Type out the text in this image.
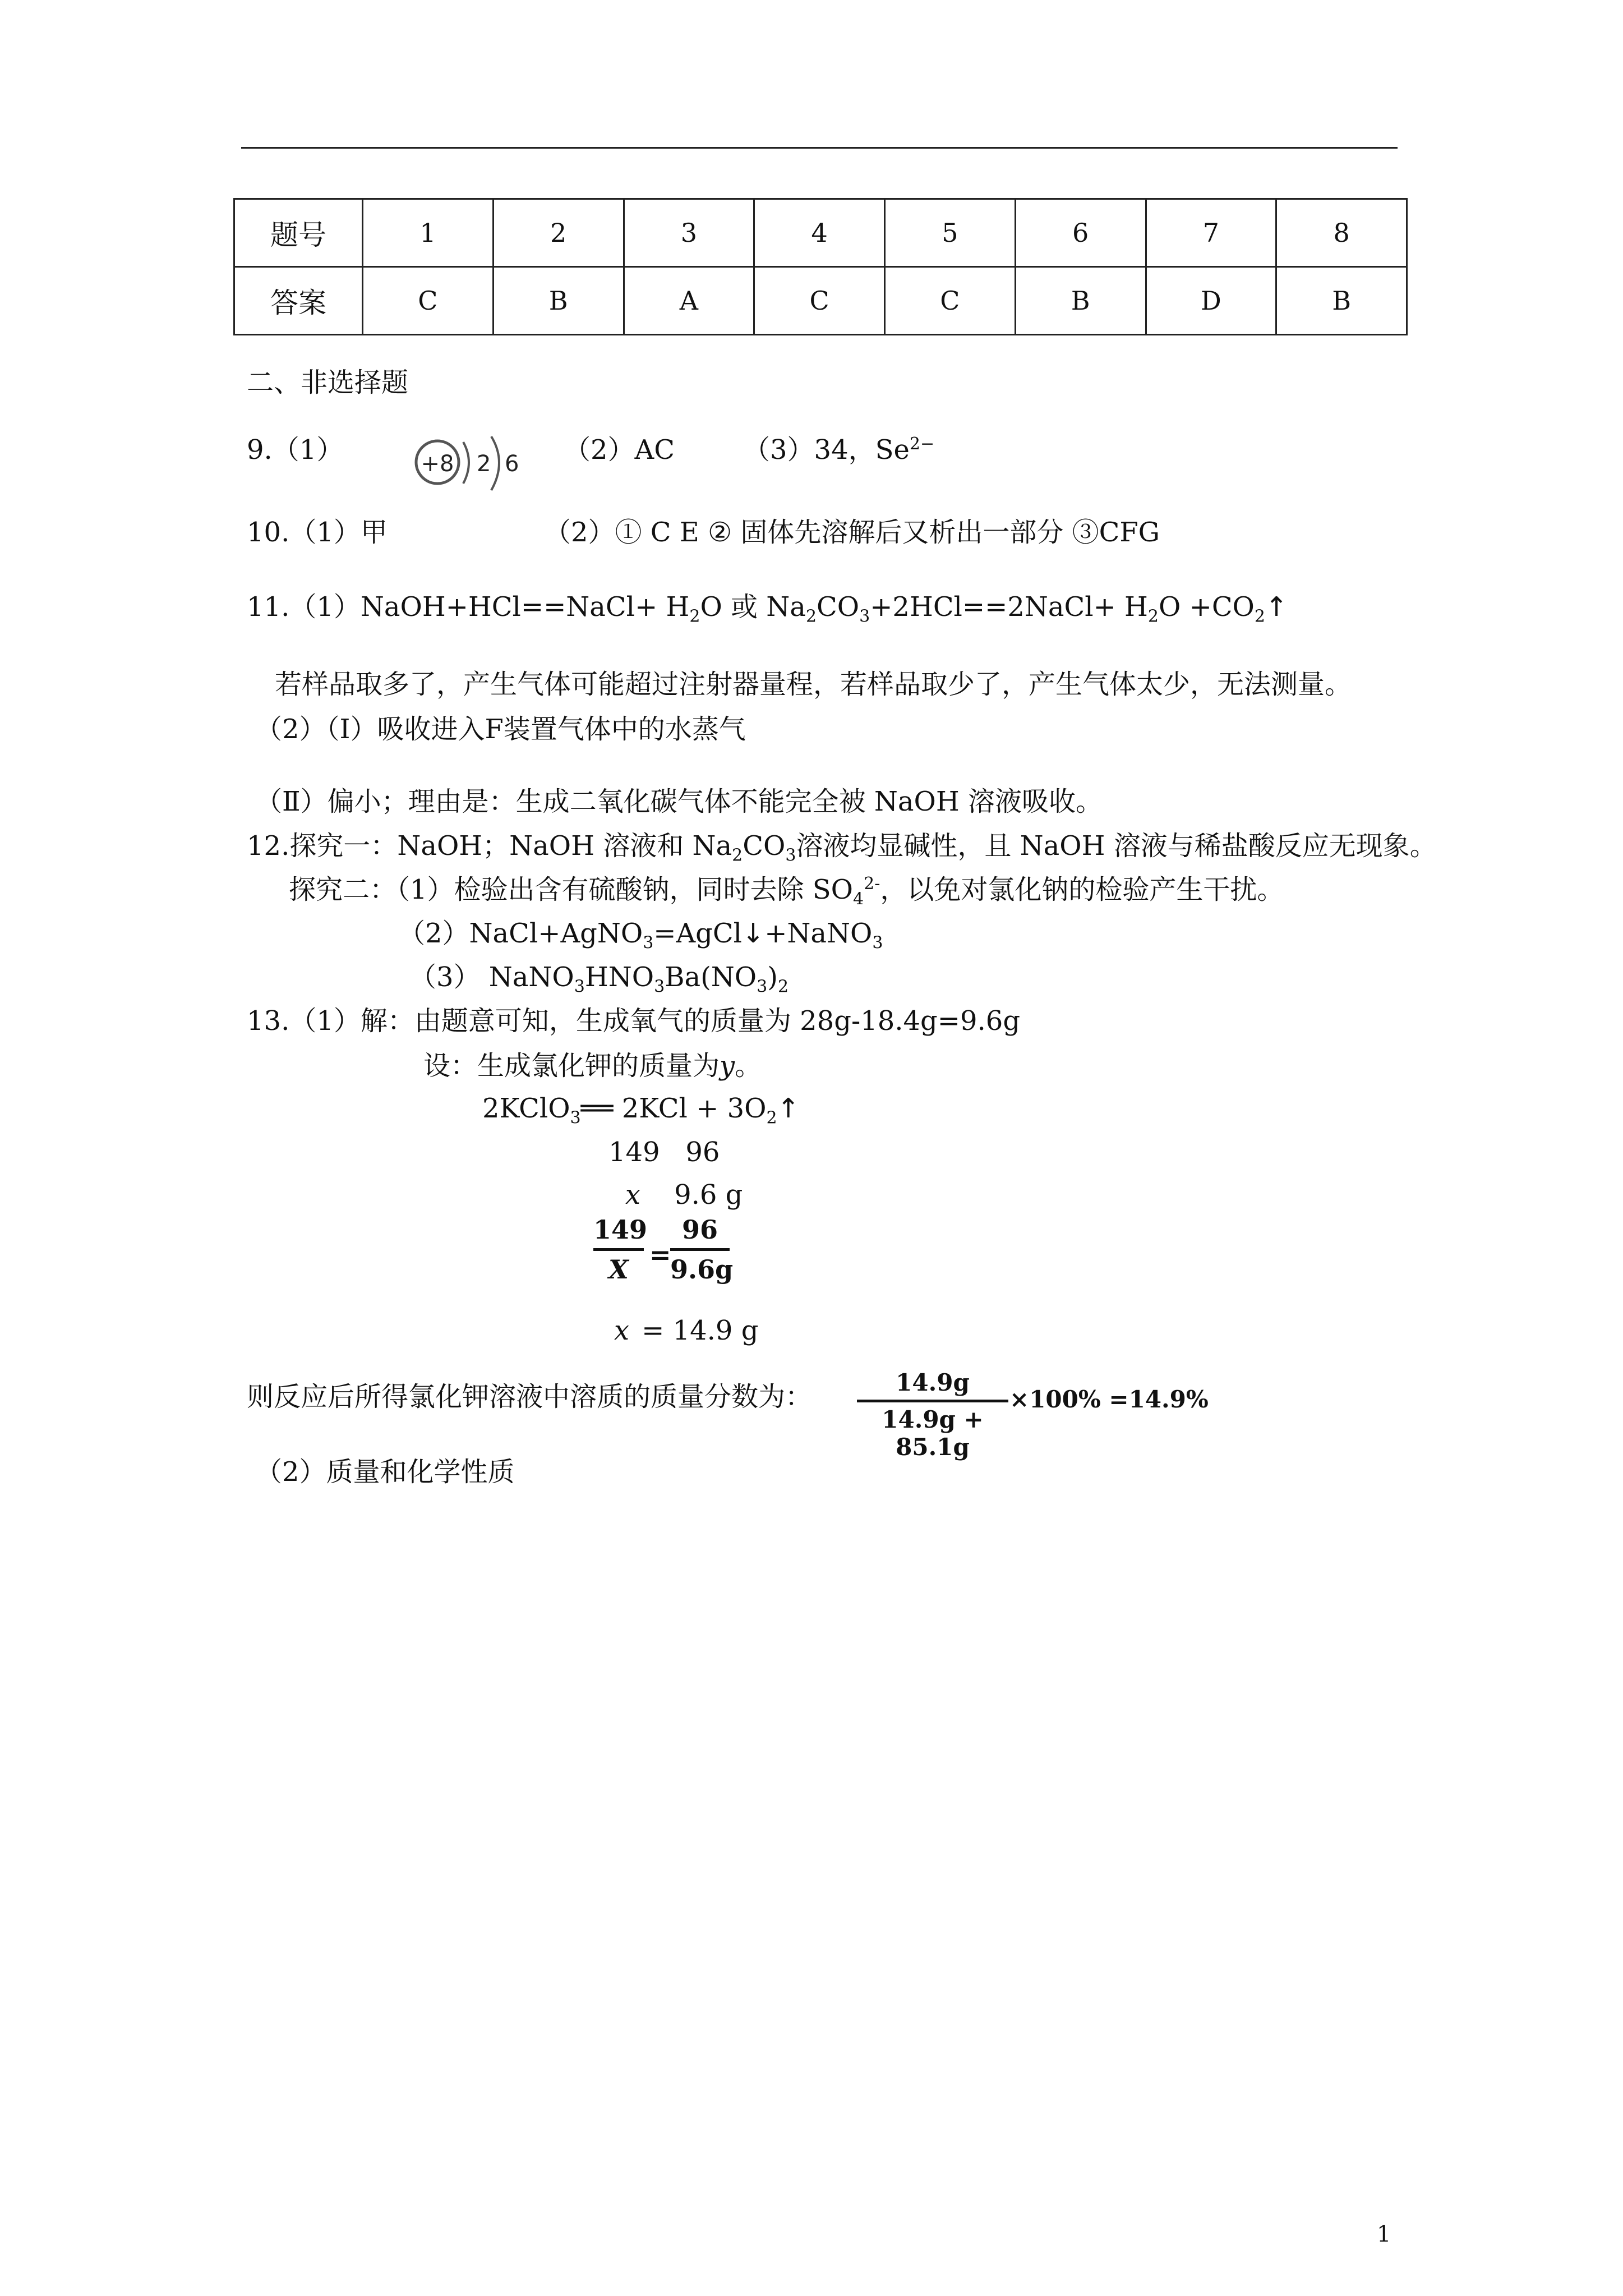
题号	1	2	3	4	5	6	7	8
答案	C	B	A	C	C	B	D	B
二、非选择题
9.（1）	+8 2 6 （2）AC	（3）34，$Se^{2-}$
10.（1）甲	（2）① C E ② 固体先溶解后又析出一部分 ③CFG
11.（1）NaOH+HCl==NaCl+ $H_2O$ 或 $Na_2CO_3+2HCl==2NaCl+ H_2O$ $+CO_2↑$
若样品取多了，产生气体可能超过注射器量程，若样品取少了，产生气体太少，无法测量。
（2）（Ⅰ）吸收进入F装置气体中的水蒸气
（Ⅱ）偏小；理由是：生成二氧化碳气体不能完全被 NaOH 溶液吸收。
12.探究一：NaOH；NaOH 溶液和 $Na_2CO_3$溶液均显碱性，且 NaOH 溶液与稀盐酸反应无现象。
探究二：（1）检验出含有硫酸钠，同时去除 $SO_4^{2-}$，以免对氯化钠的检验产生干扰。
（2）NaCl+AgNO$_3$=AgCl↓+NaNO$_3$
（3） $NaNO_3HNO_3Ba(NO_3)_2$
13.（1）解：由题意可知，生成氧气的质量为 28g-18.4g=9.6g
设：生成氯化钾的质量为y。
2KClO$_3$══ $2KCl + 3O_2↑$
149   96
x 9.6 g
149
X =
96
9.6g
x = 14.9 g
则反应后所得氯化钾溶液中溶质的质量分数为：	14.9g
14.9g + 85.1g
×100% =14.9%
（2）质量和化学性质
1
